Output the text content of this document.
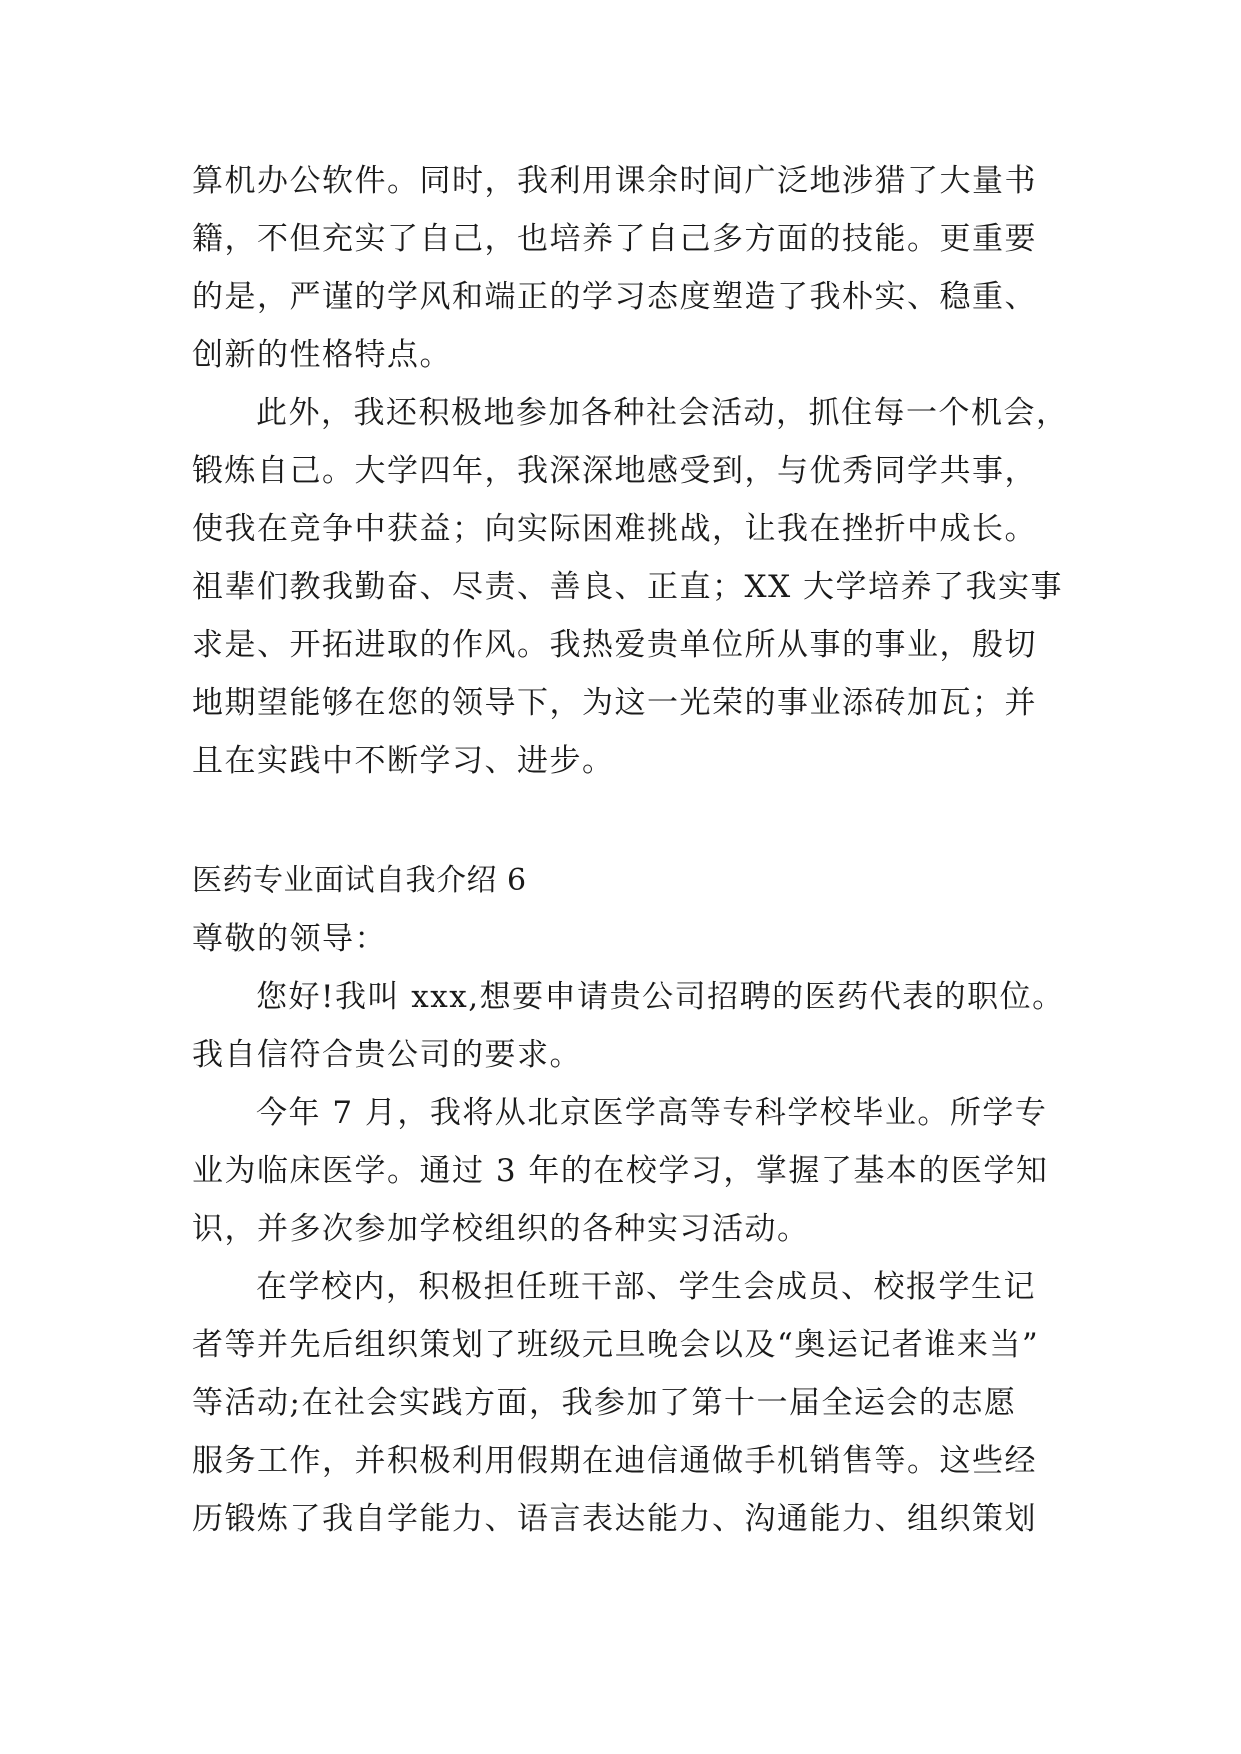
算机办公软件。同时，我利用课余时间广泛地涉猎了大量书
籍，不但充实了自己，也培养了自己多方面的技能。更重要
的是，严谨的学风和端正的学习态度塑造了我朴实、稳重、
创新的性格特点。
此外，我还积极地参加各种社会活动，抓住每一个机会，
锻炼自己。大学四年，我深深地感受到，与优秀同学共事，
使我在竞争中获益；向实际困难挑战，让我在挫折中成长。
祖辈们教我勤奋、尽责、善良、正直；XX 大学培养了我实事
求是、开拓进取的作风。我热爱贵单位所从事的事业，殷切
地期望能够在您的领导下，为这一光荣的事业添砖加瓦；并
且在实践中不断学习、进步。
医药专业面试自我介绍 6
尊敬的领导：
您好!我叫 xxx,想要申请贵公司招聘的医药代表的职位。
我自信符合贵公司的要求。
今年 7 月，我将从北京医学高等专科学校毕业。所学专
业为临床医学。通过 3 年的在校学习，掌握了基本的医学知
识，并多次参加学校组织的各种实习活动。
在学校内，积极担任班干部、学生会成员、校报学生记
者等并先后组织策划了班级元旦晚会以及“奥运记者谁来当”
等活动;在社会实践方面，我参加了第十一届全运会的志愿
服务工作，并积极利用假期在迪信通做手机销售等。这些经
历锻炼了我自学能力、语言表达能力、沟通能力、组织策划
